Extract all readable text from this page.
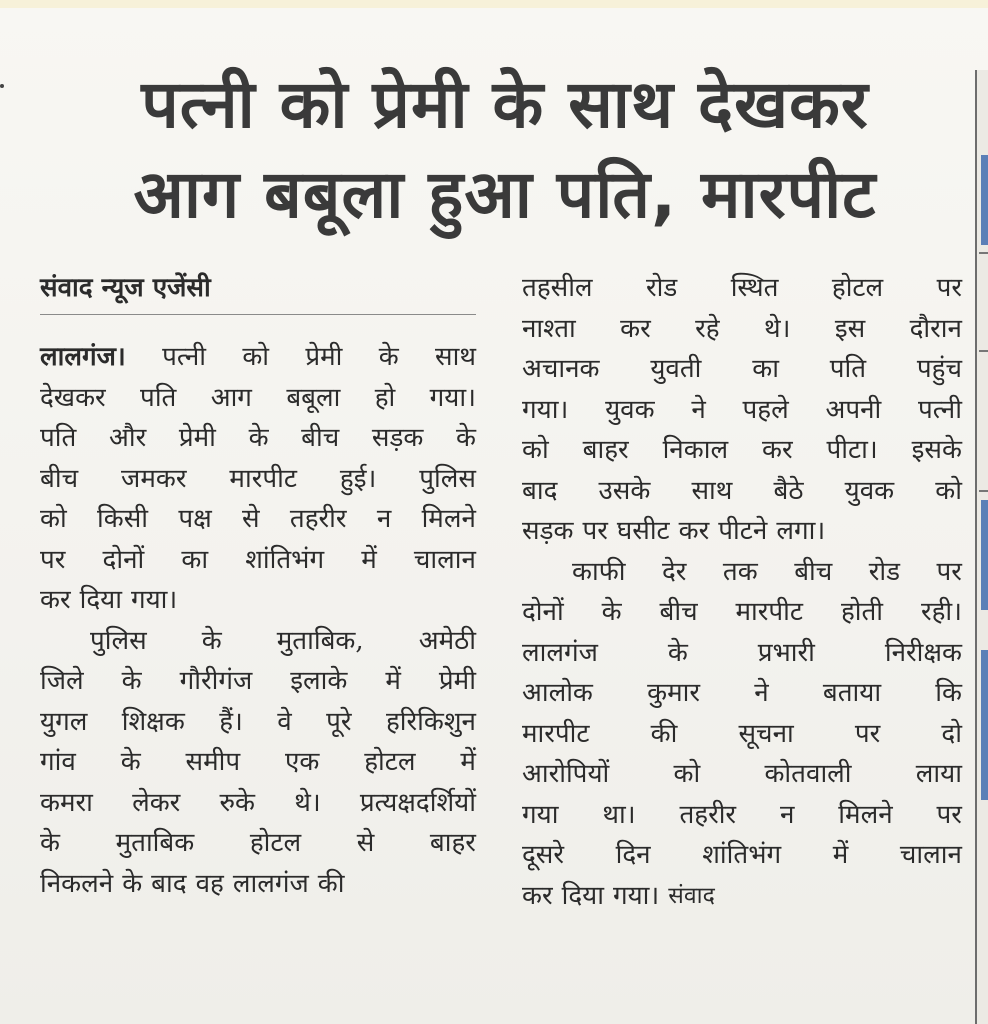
पत्नी को प्रेमी के साथ देखकर
आग बबूला हुआ पति, मारपीट
संवाद न्यूज एजेंसी
लालगंज। पत्नी को प्रेमी के साथ
देखकर पति आग बबूला हो गया।
पति और प्रेमी के बीच सड़क के
बीच जमकर मारपीट हुई। पुलिस
को किसी पक्ष से तहरीर न मिलने
पर दोनों का शांतिभंग में चालान
कर दिया गया।
पुलिस के मुताबिक, अमेठी
जिले के गौरीगंज इलाके में प्रेमी
युगल शिक्षक हैं। वे पूरे हरिकिशुन
गांव के समीप एक होटल में
कमरा लेकर रुके थे। प्रत्यक्षदर्शियों
के मुताबिक होटल से बाहर
निकलने के बाद वह लालगंज की
तहसील रोड स्थित होटल पर
नाश्ता कर रहे थे। इस दौरान
अचानक युवती का पति पहुंच
गया। युवक ने पहले अपनी पत्नी
को बाहर निकाल कर पीटा। इसके
बाद उसके साथ बैठे युवक को
सड़क पर घसीट कर पीटने लगा।
काफी देर तक बीच रोड पर
दोनों के बीच मारपीट होती रही।
लालगंज	के	प्रभारी	निरीक्षक
आलोक कुमार ने बताया कि
मारपीट की सूचना पर दो
आरोपियों को कोतवाली लाया
गया था। तहरीर न मिलने पर
दूसरे दिन शांतिभंग में चालान
कर दिया गया। संवाद
